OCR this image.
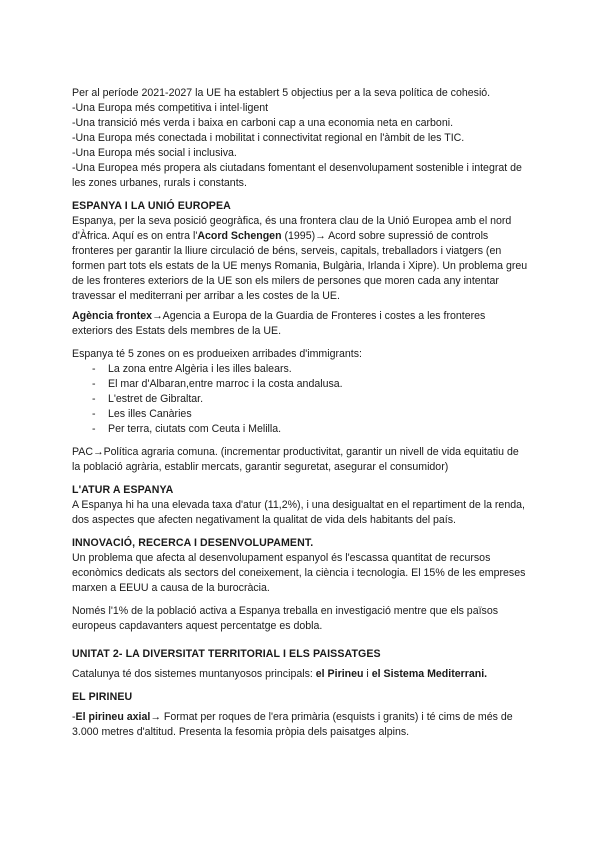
Per al període 2021-2027 la UE ha establert 5 objectius per a la seva política de cohesió.

-Una Europa més competitiva i intel·ligent

-Una transició més verda i baixa en carboni cap a una economia neta en carboni.

-Una Europa més conectada i mobilitat i connectivitat regional en l'àmbit de les TIC.

-Una Europa més social i inclusiva.

-Una Europea més propera als ciutadans fomentant el desenvolupament sostenible i integrat de les zones urbanes, rurals i constants.

ESPANYA I LA UNIÓ EUROPEA

Espanya, per la seva posició geogràfica, és una frontera clau de la Unió Europea amb el nord d'Àfrica. Aquí es on entra l'Acord Schengen (1995)→ Acord sobre supressió de controls fronteres per garantir la lliure circulació de béns, serveis, capitals, treballadors i viatgers (en formen part tots els estats de la UE menys Romania, Bulgària, Irlanda i Xipre). Un problema greu de les fronteres exteriors de la UE son els milers de persones que moren cada any intentar travessar el mediterrani per arribar a les costes de la UE.

Agència frontex→Agencia a Europa de la Guardia de Fronteres i costes a les fronteres exteriors des Estats dels membres de la UE.

Espanya té 5 zones on es produeixen arribades d'immigrants:

- La zona entre Algèria i les illes balears.
- El mar d'Albaran,entre marroc i la costa andalusa.
- L'estret de Gibraltar.
- Les illes Canàries
- Per terra, ciutats com Ceuta i Melilla.

PAC→Política agraria comuna. (incrementar productivitat, garantir un nivell de vida equitatiu de la població agrària, establir mercats, garantir seguretat, asegurar el consumidor)

L'ATUR A ESPANYA

A Espanya hi ha una elevada taxa d'atur (11,2%), i una desigualtat en el repartiment de la renda, dos aspectes que afecten negativament la qualitat de vida dels habitants del país.

INNOVACIÓ, RECERCA I DESENVOLUPAMENT.

Un problema que afecta al desenvolupament espanyol és l'escassa quantitat de recursos econòmics dedicats als sectors del coneixement, la ciència i tecnologia. El 15% de les empreses marxen a EEUU a causa de la burocràcia.

Només l'1% de la població activa a Espanya treballa en investigació mentre que els països europeus capdavanters aquest percentatge es dobla.

UNITAT 2- LA DIVERSITAT TERRITORIAL I ELS PAISSATGES

Catalunya té dos sistemes muntanyosos principals: el Pirineu i el Sistema Mediterrani.

EL PIRINEU

-El pirineu axial→ Format per roques de l'era primària (esquists i granits) i té cims de més de 3.000 metres d'altitud. Presenta la fesomia pròpia dels paisatges alpins.
